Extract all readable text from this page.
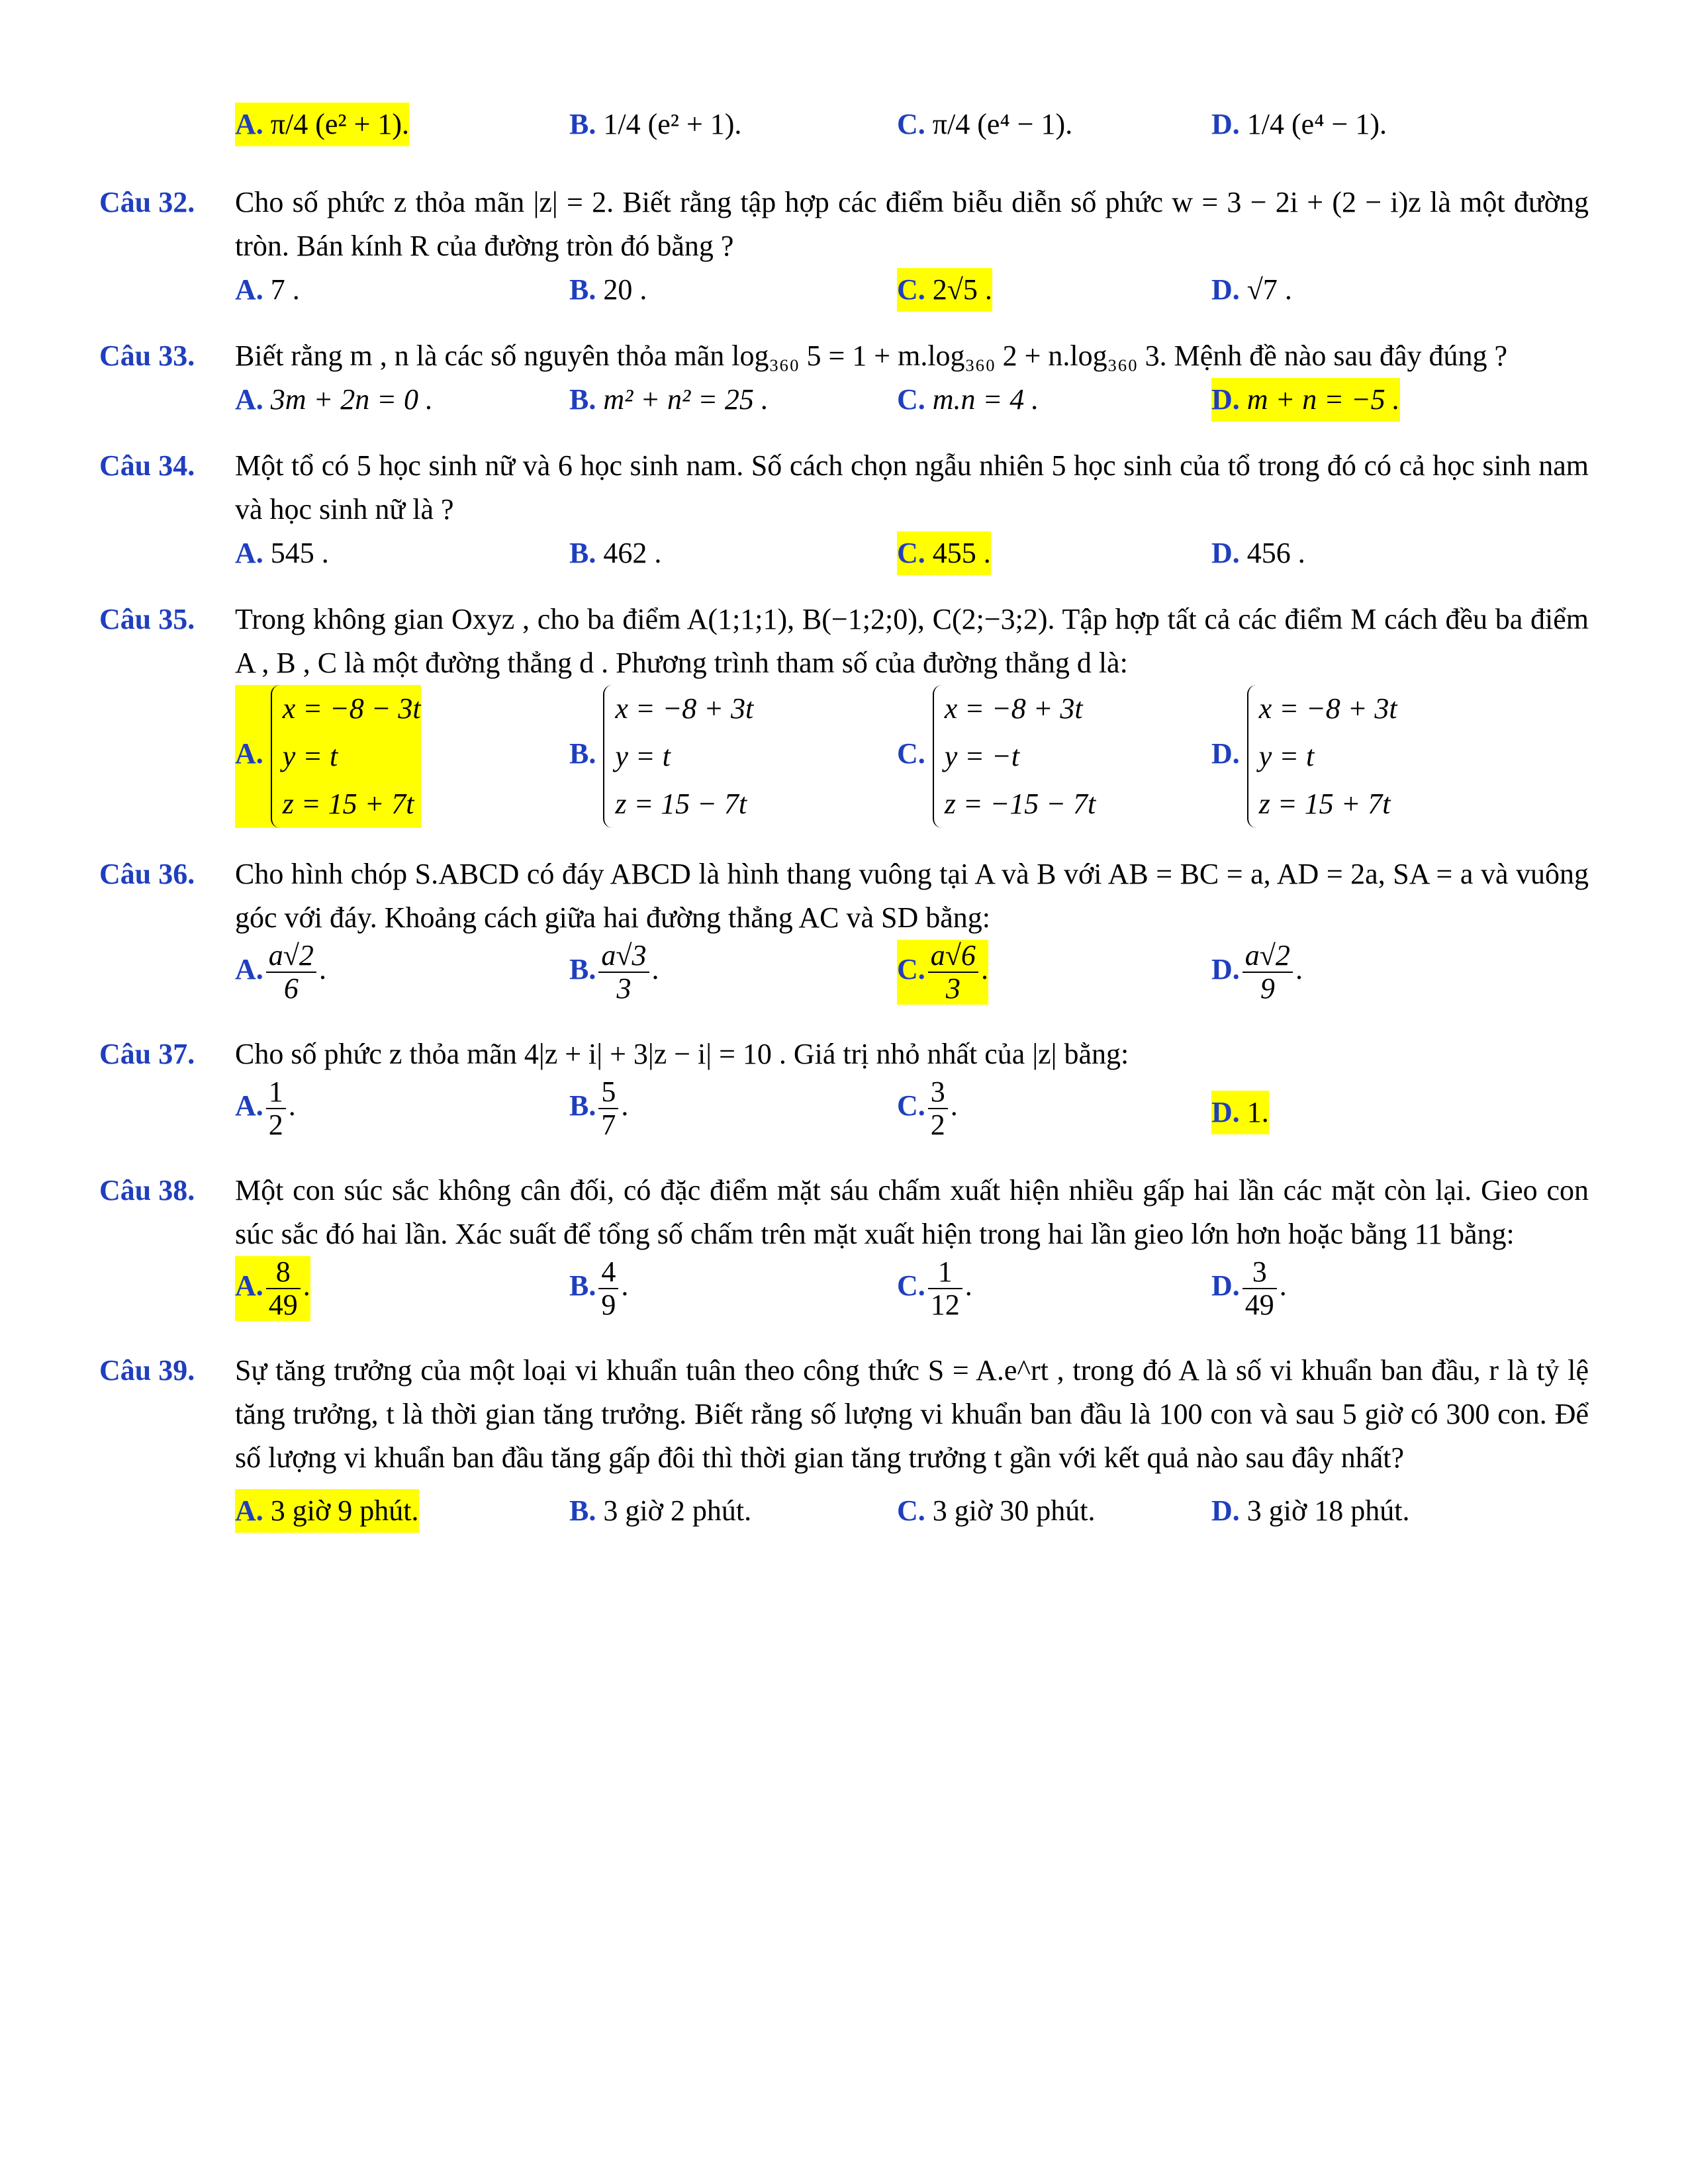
A. π/4 (e² + 1).	B. 1/4 (e² + 1).	C. π/4 (e⁴ − 1).	D. 1/4 (e⁴ − 1).
Câu 32. Cho số phức z thỏa mãn |z| = 2. Biết rằng tập hợp các điểm biễu diễn số phức w = 3 − 2i + (2 − i)z là một đường tròn. Bán kính R của đường tròn đó bằng ?
A. 7 .	B. 20 .	C. 2√5 .	D. √7 .
Câu 33. Biết rằng m , n là các số nguyên thỏa mãn log₃₆₀ 5 = 1 + m.log₃₆₀ 2 + n.log₃₆₀ 3. Mệnh đề nào sau đây đúng ?
A. 3m + 2n = 0 .	B. m² + n² = 25 .	C. m.n = 4 .	D. m + n = −5 .
Câu 34. Một tổ có 5 học sinh nữ và 6 học sinh nam. Số cách chọn ngẫu nhiên 5 học sinh của tổ trong đó có cả học sinh nam và học sinh nữ là ?
A. 545 .	B. 462 .	C. 455 .	D. 456 .
Câu 35. Trong không gian Oxyz , cho ba điểm A(1;1;1), B(−1;2;0), C(2;−3;2). Tập hợp tất cả các điểm M cách đều ba điểm A , B , C là một đường thẳng d . Phương trình tham số của đường thẳng d là:
A.
x = −8 − 3t
y = t
z = 15 + 7t
B.
x = −8 + 3t
y = t
z = 15 − 7t
C.
x = −8 + 3t
y = −t
z = −15 − 7t
D.
x = −8 + 3t
y = t
z = 15 + 7t
Câu 36. Cho hình chóp S.ABCD có đáy ABCD là hình thang vuông tại A và B với AB = BC = a, AD = 2a, SA = a và vuông góc với đáy. Khoảng cách giữa hai đường thẳng AC và SD bằng:
A. $\frac{a√2}{6}$ .	B. $\frac{a√3}{3}$ .	C. $\frac{a√6}{3}$ .	D. $\frac{a√2}{9}$ .
Câu 37. Cho số phức z thỏa mãn 4|z + i| + 3|z − i| = 10 . Giá trị nhỏ nhất của |z| bằng:
A. $\frac{1}{2}$ .	B. $\frac{5}{7}$ .	C. $\frac{3}{2}$ .	D. 1.
Câu 38. Một con súc sắc không cân đối, có đặc điểm mặt sáu chấm xuất hiện nhiều gấp hai lần các mặt còn lại. Gieo con súc sắc đó hai lần. Xác suất để tổng số chấm trên mặt xuất hiện trong hai lần gieo lớn hơn hoặc bằng 11 bằng:
A. $\frac{8}{49}$ .	B. $\frac{4}{9}$ .	C. $\frac{1}{12}$ .	D. $\frac{3}{49}$ .
Câu 39. Sự tăng trưởng của một loại vi khuẩn tuân theo công thức S = A.e^rt , trong đó A là số vi khuẩn ban đầu, r là tỷ lệ tăng trưởng, t là thời gian tăng trưởng. Biết rằng số lượng vi khuẩn ban đầu là 100 con và sau 5 giờ có 300 con. Để số lượng vi khuẩn ban đầu tăng gấp đôi thì thời gian tăng trưởng t gần với kết quả nào sau đây nhất?
A. 3 giờ 9 phút.	B. 3 giờ 2 phút.	C. 3 giờ 30 phút.	D. 3 giờ 18 phút.
